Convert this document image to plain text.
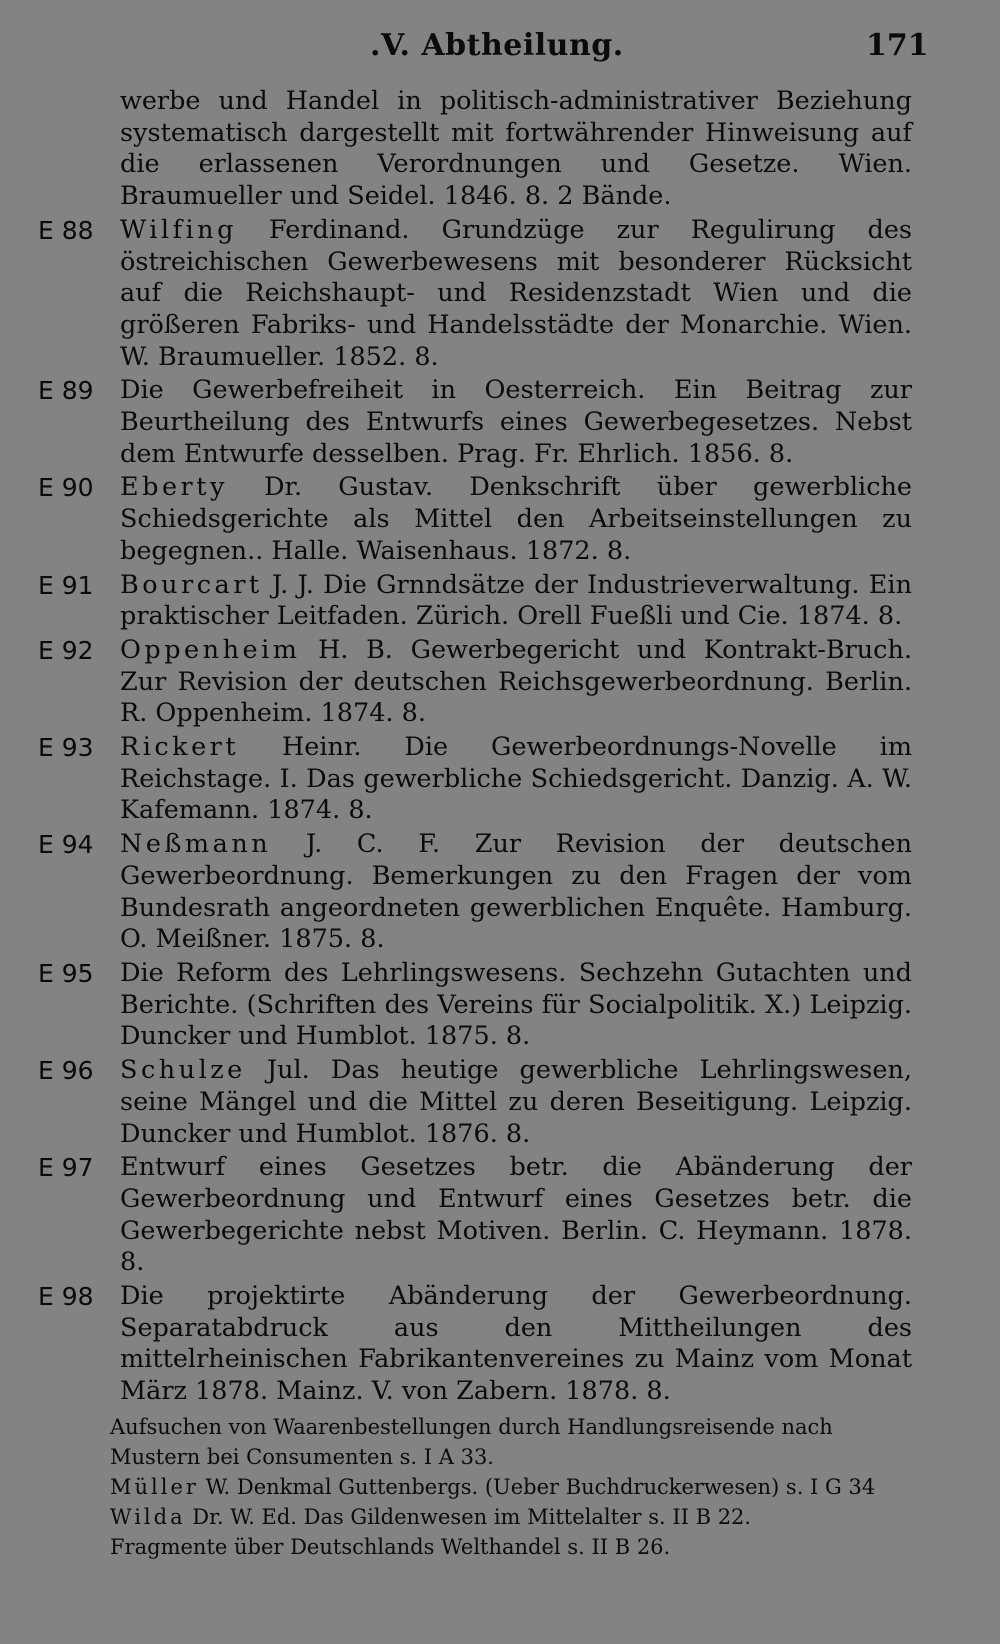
.V. Abtheilung.	171
werbe und Handel in politisch-administrativer Beziehung systematisch dargestellt mit fortwährender Hinweisung auf die erlassenen Verordnungen und Gesetze. Wien. Braumueller und Seidel. 1846. 8. 2 Bände.
E 88 Wilfing Ferdinand. Grundzüge zur Regulirung des östreichischen Gewerbewesens mit besonderer Rücksicht auf die Reichshaupt- und Residenzstadt Wien und die größeren Fabriks- und Handelsstädte der Monarchie. Wien. W. Braumueller. 1852. 8.
E 89 Die Gewerbefreiheit in Oesterreich. Ein Beitrag zur Beurtheilung des Entwurfs eines Gewerbegesetzes. Nebst dem Entwurfe desselben. Prag. Fr. Ehrlich. 1856. 8.
E 90 Eberty Dr. Gustav. Denkschrift über gewerbliche Schiedsgerichte als Mittel den Arbeitseinstellungen zu begegnen.. Halle. Waisenhaus. 1872. 8.
E 91 Bourcart J. J. Die Grnndsätze der Industrieverwaltung. Ein praktischer Leitfaden. Zürich. Orell Fueßli und Cie. 1874. 8.
E 92 Oppenheim H. B. Gewerbegericht und Kontrakt-Bruch. Zur Revision der deutschen Reichsgewerbeordnung. Berlin. R. Oppenheim. 1874. 8.
E 93 Rickert Heinr. Die Gewerbeordnungs-Novelle im Reichstage. I. Das gewerbliche Schiedsgericht. Danzig. A. W. Kafemann. 1874. 8.
E 94 Neßmann J. C. F. Zur Revision der deutschen Gewerbeordnung. Bemerkungen zu den Fragen der vom Bundesrath angeordneten gewerblichen Enquête. Hamburg. O. Meißner. 1875. 8.
E 95 Die Reform des Lehrlingswesens. Sechzehn Gutachten und Berichte. (Schriften des Vereins für Socialpolitik. X.) Leipzig. Duncker und Humblot. 1875. 8.
E 96 Schulze Jul. Das heutige gewerbliche Lehrlingswesen, seine Mängel und die Mittel zu deren Beseitigung. Leipzig. Duncker und Humblot. 1876. 8.
E 97 Entwurf eines Gesetzes betr. die Abänderung der Gewerbeordnung und Entwurf eines Gesetzes betr. die Gewerbegerichte nebst Motiven. Berlin. C. Heymann. 1878. 8.
E 98 Die projektirte Abänderung der Gewerbeordnung. Separatabdruck aus den Mittheilungen des mittelrheinischen Fabrikantenvereines zu Mainz vom Monat März 1878. Mainz. V. von Zabern. 1878. 8.

Aufsuchen von Waarenbestellungen durch Handlungsreisende nach Mustern bei Consumenten s. I A 33.

Müller W. Denkmal Guttenbergs. (Ueber Buchdruckerwesen) s. I G 34

Wilda Dr. W. Ed. Das Gildenwesen im Mittelalter s. II B 22.

Fragmente über Deutschlands Welthandel s. II B 26.
